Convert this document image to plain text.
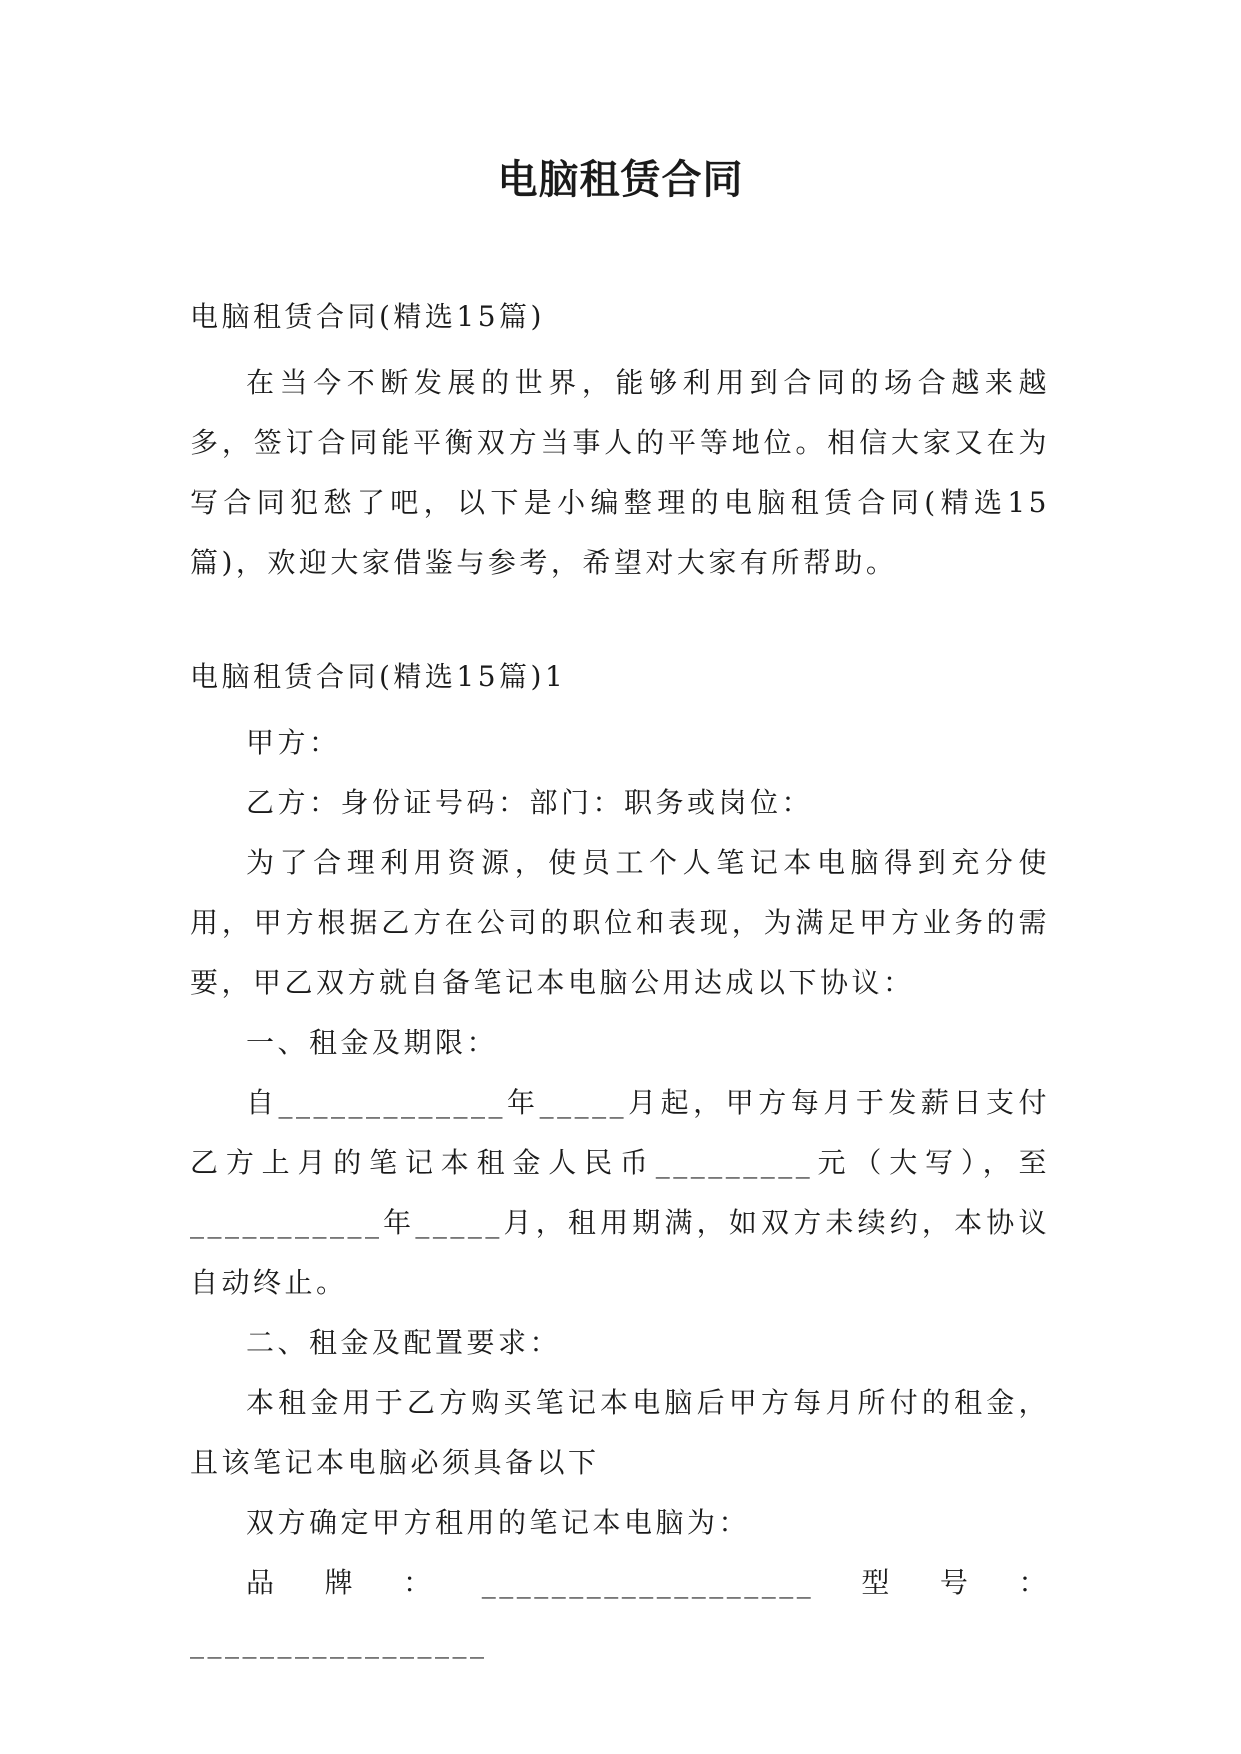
电脑租赁合同

电脑租赁合同(精选15篇)

在当今不断发展的世界，能够利用到合同的场合越来越多，签订合同能平衡双方当事人的平等地位。相信大家又在为写合同犯愁了吧，以下是小编整理的电脑租赁合同(精选15篇)，欢迎大家借鉴与参考，希望对大家有所帮助。

电脑租赁合同(精选15篇)1

甲方：

乙方：身份证号码：部门：职务或岗位：

为了合理利用资源，使员工个人笔记本电脑得到充分使用，甲方根据乙方在公司的职位和表现，为满足甲方业务的需要，甲乙双方就自备笔记本电脑公用达成以下协议：

一、租金及期限：

自_____________年_____月起，甲方每月于发薪日支付乙方上月的笔记本租金人民币_________元（大写），至___________年_____月，租用期满，如双方未续约，本协议自动终止。

二、租金及配置要求：

本租金用于乙方购买笔记本电脑后甲方每月所付的租金，且该笔记本电脑必须具备以下

双方确定甲方租用的笔记本电脑为：

品牌：___________________型号：_________________
